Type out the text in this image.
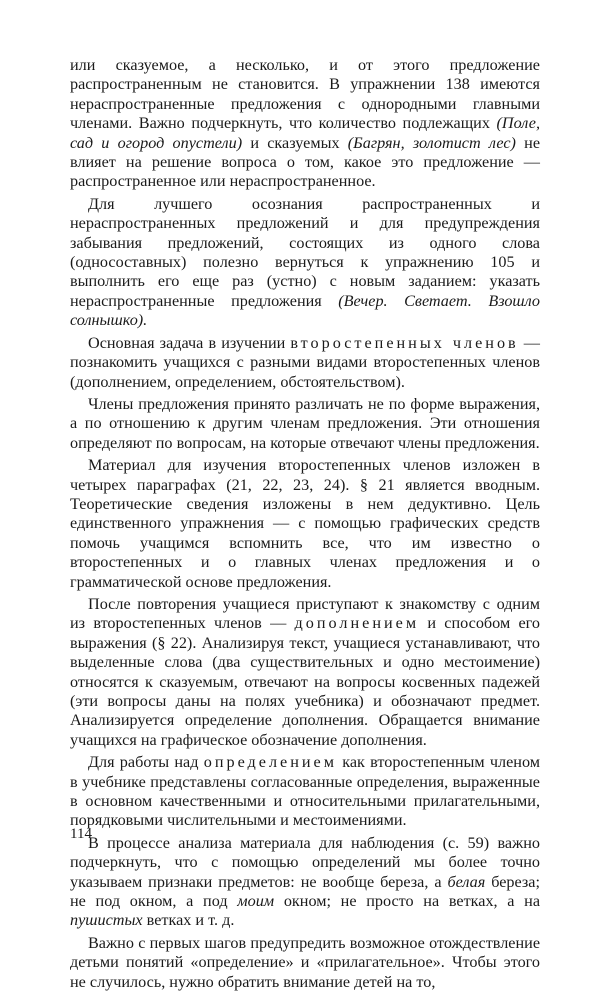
или сказуемое, а несколько, и от этого предложение распространенным не становится. В упражнении 138 имеются нераспространенные предложения с однородными главными членами. Важно подчеркнуть, что количество подлежащих (Поле, сад и огород опустели) и сказуемых (Багрян, золотист лес) не влияет на решение вопроса о том, какое это предложение — распространенное или нераспространенное.

Для лучшего осознания распространенных и нераспространенных предложений и для предупреждения забывания предложений, состоящих из одного слова (односоставных) полезно вернуться к упражнению 105 и выполнить его еще раз (устно) с новым заданием: указать нераспространенные предложения (Вечер. Светает. Взошло солнышко).

Основная задача в изучении второстепенных членов — познакомить учащихся с разными видами второстепенных членов (дополнением, определением, обстоятельством).

Члены предложения принято различать не по форме выражения, а по отношению к другим членам предложения. Эти отношения определяют по вопросам, на которые отвечают члены предложения.

Материал для изучения второстепенных членов изложен в четырех параграфах (21, 22, 23, 24). § 21 является вводным. Теоретические сведения изложены в нем дедуктивно. Цель единственного упражнения — с помощью графических средств помочь учащимся вспомнить все, что им известно о второстепенных и о главных членах предложения и о грамматической основе предложения.

После повторения учащиеся приступают к знакомству с одним из второстепенных членов — дополнением и способом его выражения (§ 22). Анализируя текст, учащиеся устанавливают, что выделенные слова (два существительных и одно местоимение) относятся к сказуемым, отвечают на вопросы косвенных падежей (эти вопросы даны на полях учебника) и обозначают предмет. Анализируется определение дополнения. Обращается внимание учащихся на графическое обозначение дополнения.

Для работы над определением как второстепенным членом в учебнике представлены согласованные определения, выраженные в основном качественными и относительными прилагательными, порядковыми числительными и местоимениями.

В процессе анализа материала для наблюдения (с. 59) важно подчеркнуть, что с помощью определений мы более точно указываем признаки предметов: не вообще береза, а белая береза; не под окном, а под моим окном; не просто на ветках, а на пушистых ветках и т. д.

Важно с первых шагов предупредить возможное отождествление детьми понятий «определение» и «прилагательное». Чтобы этого не случилось, нужно обратить внимание детей на то,

114
